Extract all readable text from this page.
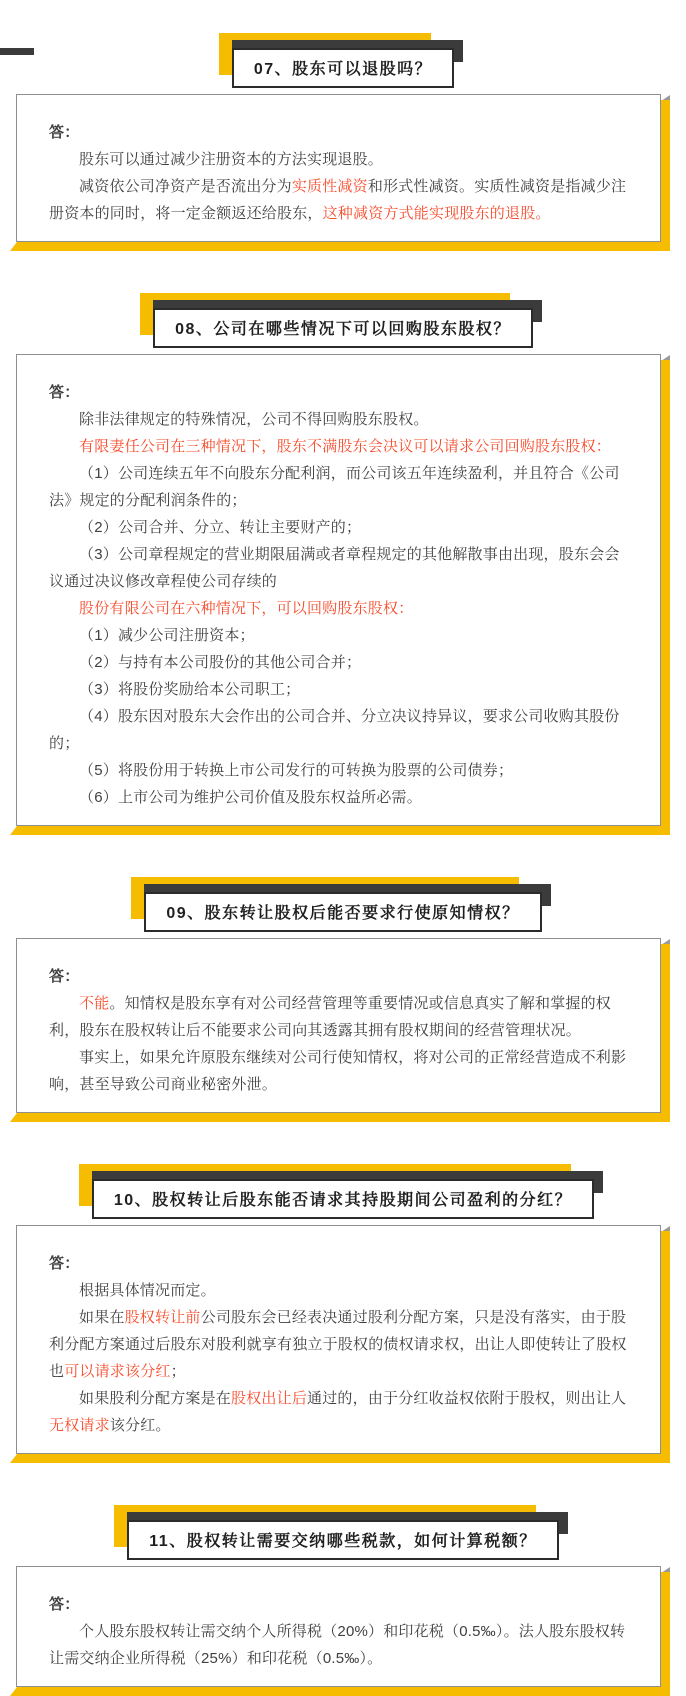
07、股东可以退股吗？

答：

股东可以通过减少注册资本的方法实现退股。

减资依公司净资产是否流出分为实质性减资和形式性减资。实质性减资是指减少注册资本的同时，将一定金额返还给股东，这种减资方式能实现股东的退股。

08、公司在哪些情况下可以回购股东股权？

答：

除非法律规定的特殊情况，公司不得回购股东股权。

有限妻任公司在三种情况下，股东不满股东会决议可以请求公司回购股东股权：

（1）公司连续五年不向股东分配利润，而公司该五年连续盈利，并且符合《公司法》规定的分配利润条件的；

（2）公司合并、分立、转让主要财产的；

（3）公司章程规定的营业期限届满或者章程规定的其他解散事由出现，股东会会议通过决议修改章程使公司存续的

股份有限公司在六种情况下，可以回购股东股权：

（1）减少公司注册资本；

（2）与持有本公司股份的其他公司合并；

（3）将股份奖励给本公司职工；

（4）股东因对股东大会作出的公司合并、分立决议持异议，要求公司收购其股份的；

（5）将股份用于转换上市公司发行的可转换为股票的公司债券；

（6）上市公司为维护公司价值及股东权益所必需。

09、股东转让股权后能否要求行使原知情权？

答：

不能。知情权是股东享有对公司经营管理等重要情况或信息真实了解和掌握的权利，股东在股权转让后不能要求公司向其透露其拥有股权期间的经营管理状况。

事实上，如果允许原股东继续对公司行使知情权，将对公司的正常经营造成不利影响，甚至导致公司商业秘密外泄。

10、股权转让后股东能否请求其持股期间公司盈利的分红？

答：

根据具体情况而定。

如果在股权转让前公司股东会已经表决通过股利分配方案，只是没有落实，由于股利分配方案通过后股东对股利就享有独立于股权的债权请求权，出让人即使转让了股权也可以请求该分红；

如果股利分配方案是在股权出让后通过的，由于分红收益权依附于股权，则出让人无权请求该分红。

11、股权转让需要交纳哪些税款，如何计算税额？

答：

个人股东股权转让需交纳个人所得税（20%）和印花税（0.5‰）。法人股东股权转让需交纳企业所得税（25%）和印花税（0.5‰）。
